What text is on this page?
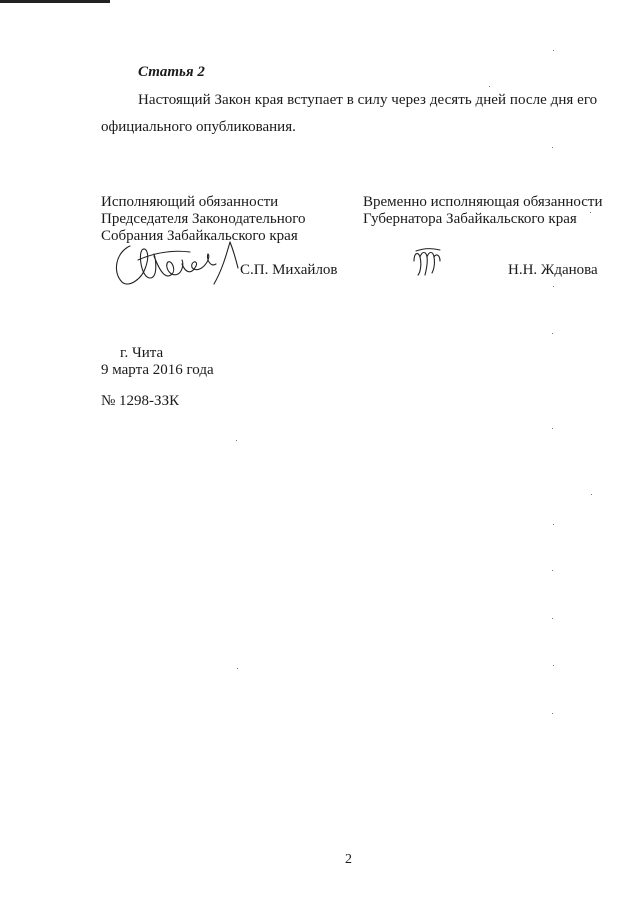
Статья 2
Настоящий Закон края вступает в силу через десять дней после дня его
официального опубликования.
Исполняющий обязанности
Председателя Законодательного
Собрания Забайкальского края
Временно исполняющая обязанности
Губернатора Забайкальского края
С.П. Михайлов	Н.Н. Жданова
г. Чита
9 марта 2016 года
№ 1298-ЗЗК
2
